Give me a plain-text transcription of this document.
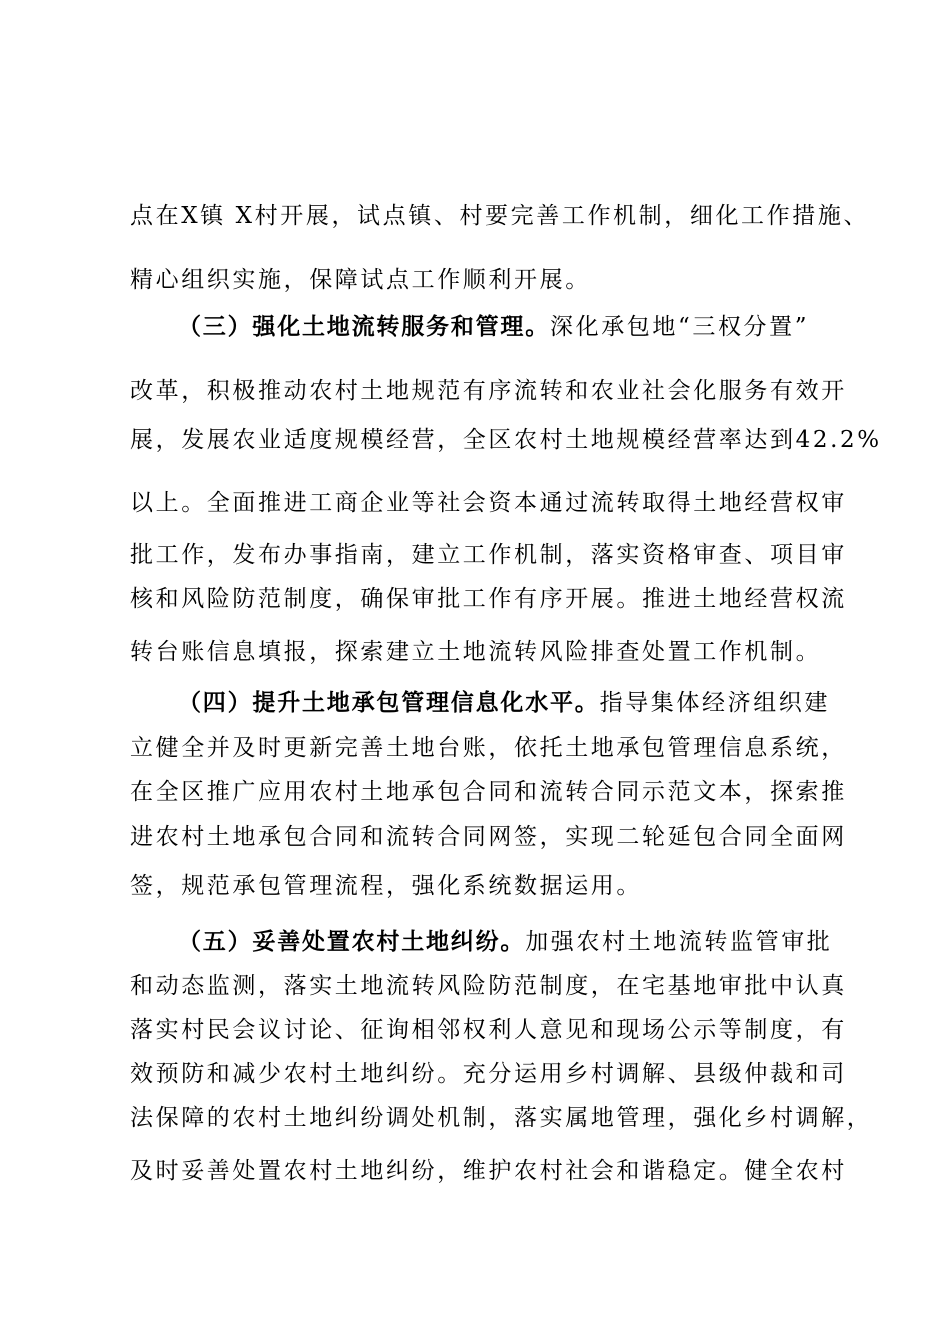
点在X镇 X村开展，试点镇、村要完善工作机制，细化工作措施、
精心组织实施，保障试点工作顺利开展。
（三）强化土地流转服务和管理。深化承包地“三权分置”
改革，积极推动农村土地规范有序流转和农业社会化服务有效开
展，发展农业适度规模经营，全区农村土地规模经营率达到42.2%
以上。全面推进工商企业等社会资本通过流转取得土地经营权审
批工作，发布办事指南，建立工作机制，落实资格审查、项目审
核和风险防范制度，确保审批工作有序开展。推进土地经营权流
转台账信息填报，探索建立土地流转风险排查处置工作机制。
（四）提升土地承包管理信息化水平。指导集体经济组织建
立健全并及时更新完善土地台账，依托土地承包管理信息系统，
在全区推广应用农村土地承包合同和流转合同示范文本，探索推
进农村土地承包合同和流转合同网签，实现二轮延包合同全面网
签，规范承包管理流程，强化系统数据运用。
（五）妥善处置农村土地纠纷。加强农村土地流转监管审批
和动态监测，落实土地流转风险防范制度，在宅基地审批中认真
落实村民会议讨论、征询相邻权利人意见和现场公示等制度，有
效预防和减少农村土地纠纷。充分运用乡村调解、县级仲裁和司
法保障的农村土地纠纷调处机制，落实属地管理，强化乡村调解，
及时妥善处置农村土地纠纷，维护农村社会和谐稳定。健全农村
